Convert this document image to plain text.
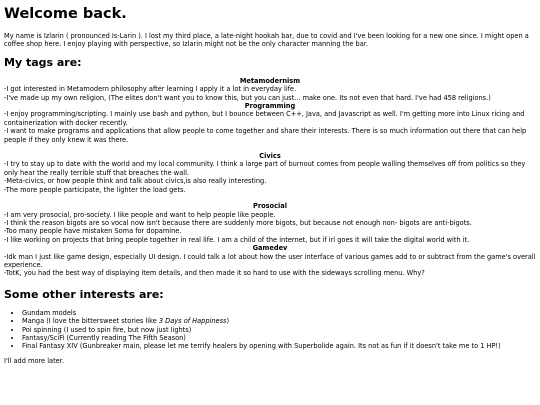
Welcome back.

My name is Izlarin ( pronounced Is-Larin ). I lost my third place, a late-night hookah bar, due to covid and I've been looking for a new one since. I might open a coffee shop here. I enjoy playing with perspective, so Izlarin might not be the only character manning the bar.

My tags are:
Metamodernism
-I got interested in Metamodern philosophy after learning I apply it a lot in everyday life.
-I've made up my own religion, (The elites don't want you to know this, but you can just... make one. Its not even that hard. I've had 458 religions.)
Programming
-I enjoy programming/scripting. I mainly use bash and python, but I bounce between C++, Java, and Javascript as well. I'm getting more into Linux ricing and containerization with docker recently.
-I want to make programs and applications that allow people to come together and share their interests. There is so much information out there that can help people if they only knew it was there.
Civics
-I try to stay up to date with the world and my local community. I think a large part of burnout comes from people walling themselves off from politics so they only hear the really terrible stuff that breaches the wall.
-Meta-civics, or how people think and talk about civics,is also really interesting.
-The more people participate, the lighter the load gets.
Prosocial
-I am very prosocial, pro-society. I like people and want to help people like people.
-I think the reason bigots are so vocal now isn't because there are suddenly more bigots, but because not enough non- bigots are anti-bigots.
-Too many people have mistaken Soma for dopamine.
-I like working on projects that bring people together in real life. I am a child of the internet, but if irl goes it will take the digital world with it.
Gamedev
-Idk man I just like game design, especially UI design. I could talk a lot about how the user interface of various games add to or subtract from the game's overall experience.
-TotK, you had the best way of displaying item details, and then made it so hard to use with the sideways scrolling menu. Why?
Some other interests are:
• Gundam models
• Manga (I love the bittersweet stories like 3 Days of Happiness)
• Poi spinning (I used to spin fire, but now just lights)
• Fantasy/SciFi (Currently reading The Fifth Season)
• Final Fantasy XIV (Gunbreaker main, please let me terrify healers by opening with Superbolide again. Its not as fun if it doesn't take me to 1 HP!)

I'll add more later.
